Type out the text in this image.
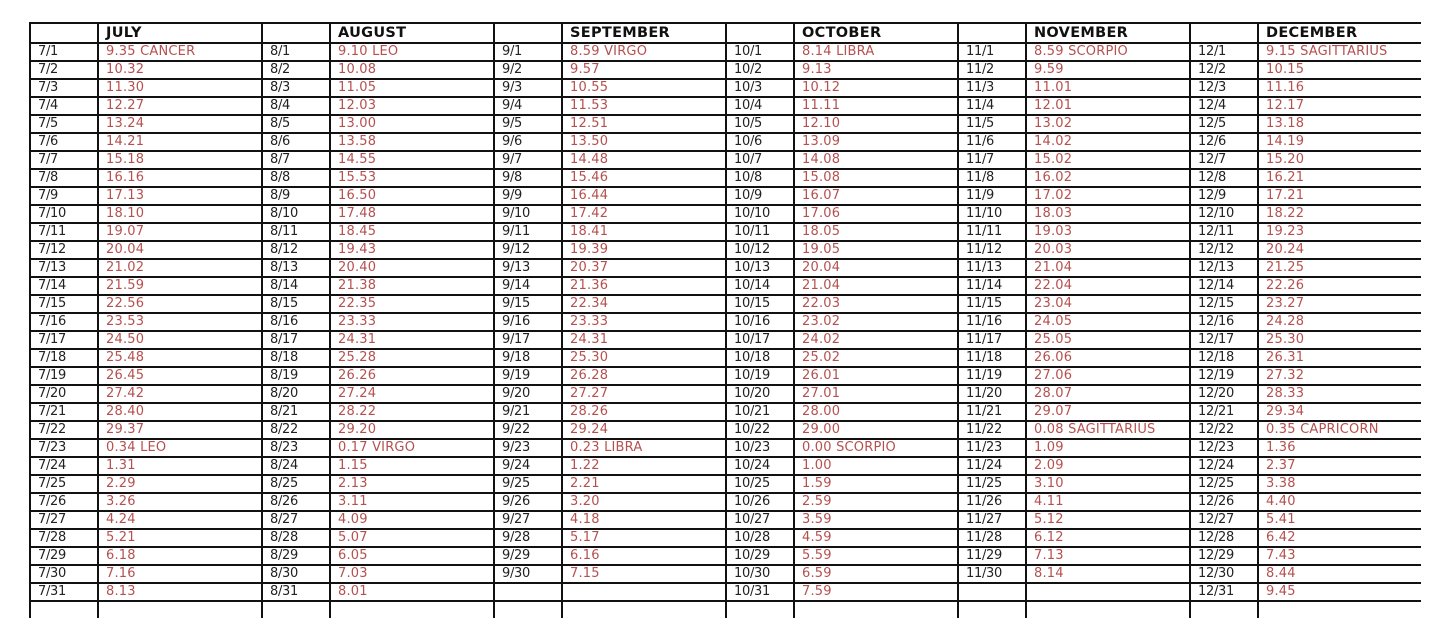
	JULY		AUGUST		SEPTEMBER		OCTOBER		NOVEMBER		DECEMBER
7/1	9.35 CANCER	8/1	9.10 LEO	9/1	8.59 VIRGO	10/1	8.14 LIBRA	11/1	8.59 SCORPIO	12/1	9.15 SAGITTARIUS
7/2	10.32	8/2	10.08	9/2	9.57	10/2	9.13	11/2	9.59	12/2	10.15
7/3	11.30	8/3	11.05	9/3	10.55	10/3	10.12	11/3	11.01	12/3	11.16
7/4	12.27	8/4	12.03	9/4	11.53	10/4	11.11	11/4	12.01	12/4	12.17
7/5	13.24	8/5	13.00	9/5	12.51	10/5	12.10	11/5	13.02	12/5	13.18
7/6	14.21	8/6	13.58	9/6	13.50	10/6	13.09	11/6	14.02	12/6	14.19
7/7	15.18	8/7	14.55	9/7	14.48	10/7	14.08	11/7	15.02	12/7	15.20
7/8	16.16	8/8	15.53	9/8	15.46	10/8	15.08	11/8	16.02	12/8	16.21
7/9	17.13	8/9	16.50	9/9	16.44	10/9	16.07	11/9	17.02	12/9	17.21
7/10	18.10	8/10	17.48	9/10	17.42	10/10	17.06	11/10	18.03	12/10	18.22
7/11	19.07	8/11	18.45	9/11	18.41	10/11	18.05	11/11	19.03	12/11	19.23
7/12	20.04	8/12	19.43	9/12	19.39	10/12	19.05	11/12	20.03	12/12	20.24
7/13	21.02	8/13	20.40	9/13	20.37	10/13	20.04	11/13	21.04	12/13	21.25
7/14	21.59	8/14	21.38	9/14	21.36	10/14	21.04	11/14	22.04	12/14	22.26
7/15	22.56	8/15	22.35	9/15	22.34	10/15	22.03	11/15	23.04	12/15	23.27
7/16	23.53	8/16	23.33	9/16	23.33	10/16	23.02	11/16	24.05	12/16	24.28
7/17	24.50	8/17	24.31	9/17	24.31	10/17	24.02	11/17	25.05	12/17	25.30
7/18	25.48	8/18	25.28	9/18	25.30	10/18	25.02	11/18	26.06	12/18	26.31
7/19	26.45	8/19	26.26	9/19	26.28	10/19	26.01	11/19	27.06	12/19	27.32
7/20	27.42	8/20	27.24	9/20	27.27	10/20	27.01	11/20	28.07	12/20	28.33
7/21	28.40	8/21	28.22	9/21	28.26	10/21	28.00	11/21	29.07	12/21	29.34
7/22	29.37	8/22	29.20	9/22	29.24	10/22	29.00	11/22	0.08 SAGITTARIUS	12/22	0.35 CAPRICORN
7/23	0.34 LEO	8/23	0.17 VIRGO	9/23	0.23 LIBRA	10/23	0.00 SCORPIO	11/23	1.09	12/23	1.36
7/24	1.31	8/24	1.15	9/24	1.22	10/24	1.00	11/24	2.09	12/24	2.37
7/25	2.29	8/25	2.13	9/25	2.21	10/25	1.59	11/25	3.10	12/25	3.38
7/26	3.26	8/26	3.11	9/26	3.20	10/26	2.59	11/26	4.11	12/26	4.40
7/27	4.24	8/27	4.09	9/27	4.18	10/27	3.59	11/27	5.12	12/27	5.41
7/28	5.21	8/28	5.07	9/28	5.17	10/28	4.59	11/28	6.12	12/28	6.42
7/29	6.18	8/29	6.05	9/29	6.16	10/29	5.59	11/29	7.13	12/29	7.43
7/30	7.16	8/30	7.03	9/30	7.15	10/30	6.59	11/30	8.14	12/30	8.44
7/31	8.13	8/31	8.01			10/31	7.59			12/31	9.45
